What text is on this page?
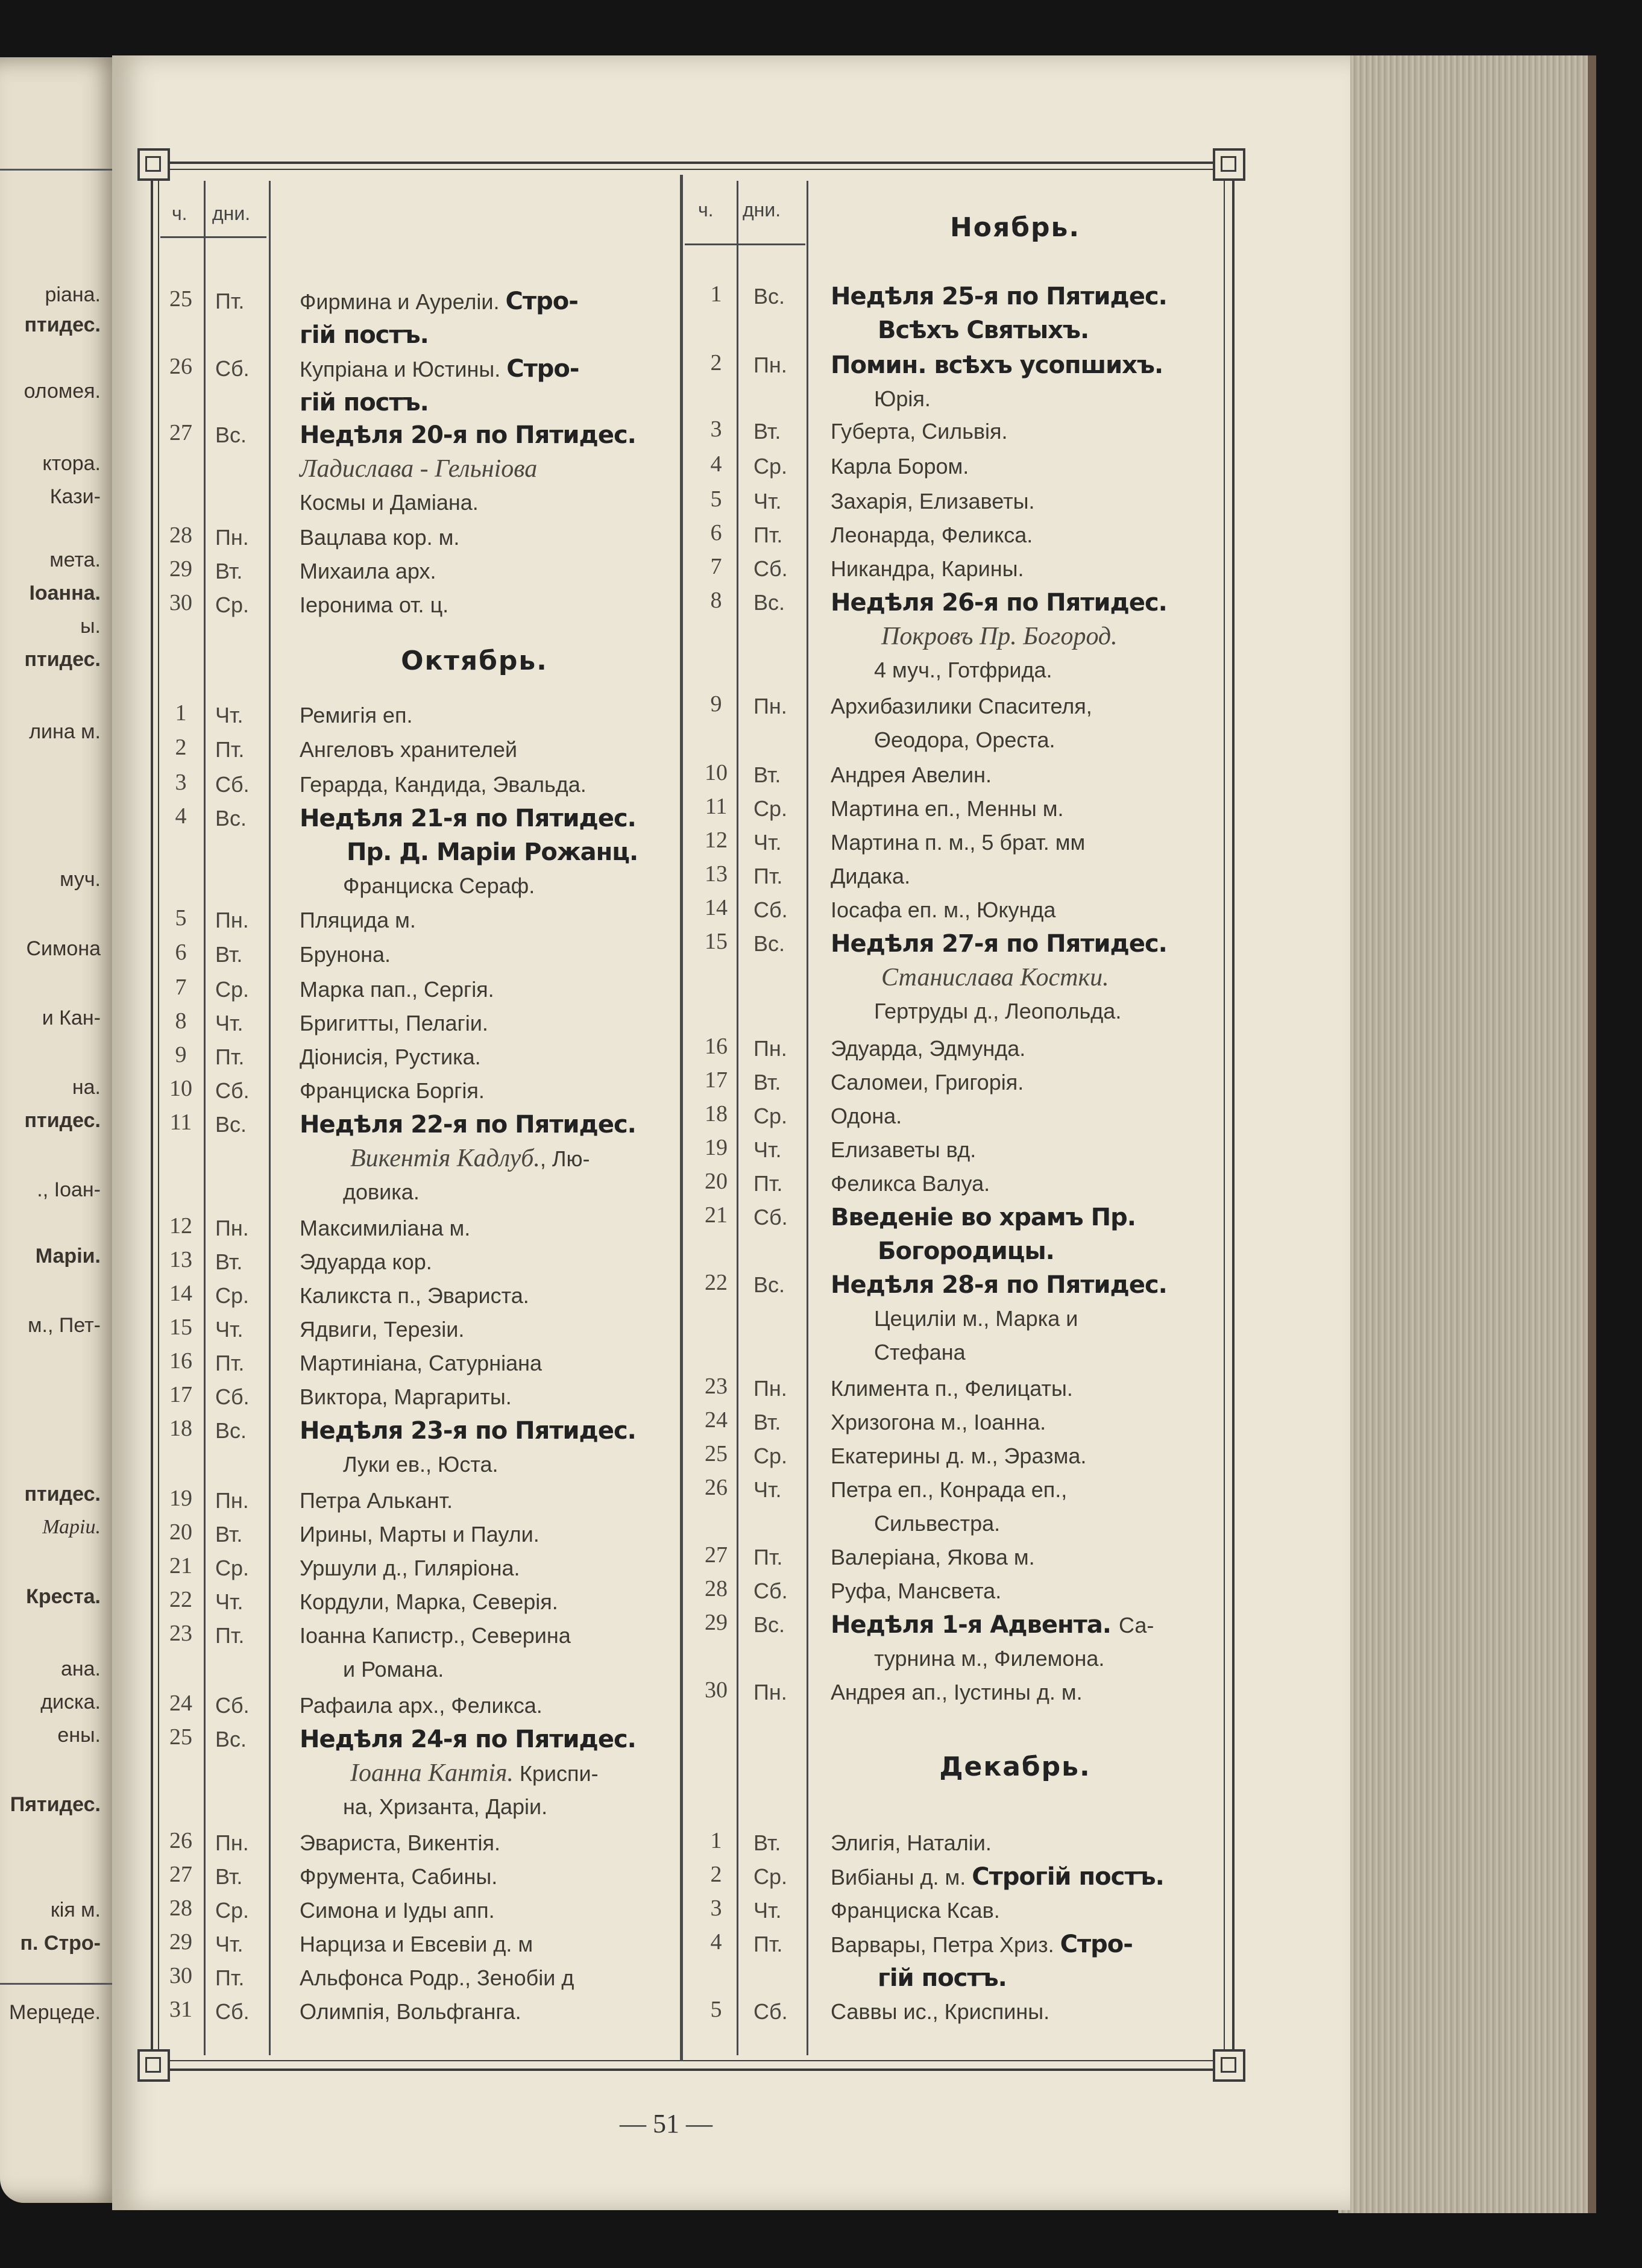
ріана.
птидес.
оломея.
ктора.
Кази-
мета.
Іоанна.
ы.
птидес.
лина м.
муч.
Симона
и Кан-
на.
птидес.
., Іоан-
Маріи.
м., Пет-
птидес.
Маріи.
Креста.
ана.
диска.
ены.
Пятидес.
кія м.
п. Стро-
Мерцеде.
ч. дни.	ч. дни.
25	Пт.	Фирмина и Аурелiи. Стро-
гiй постъ.
26	Сб. Купріана и Юстины. Стро-
гiй постъ.
27	Вс. Недѣля 20-я по Пятидес.
Ладислава - Гельніова
Космы и Даміана.
28	Пн. Вацлава кор. м.
29	Вт.	Михаила арх.
30	Ср. Іеронима от. ц.
1	Чт.	Ремигія еп.
2	Пт.	Ангеловъ хранителей
3	Сб. Герарда, Кандида, Эвальда.
4	Вс. Недѣля 21-я по Пятидес.
  Пр. Д. Маріи Рожанц.
  Франциска Сераф.
5	Пн. Пляцида м.
6	Вт.	Брунона.
7	Ср. Марка пап., Сергія.
8	Чт.	Бригитты, Пелагіи.
9	Пт.	Діонисія, Рустика.
10	Сб. Франциска Боргія.
11	Вс. Недѣля 22-я по Пятидес.
  Викентія Кадлуб., Лю-
  довика.
12	Пн. Максимиліана м.
13	Вт.	Эдуарда кор.
14	Ср. Каликста п., Эвариста.
15	Чт.	Ядвиги, Терезіи.
16	Пт.	Мартиніана, Сатурніана
17	Сб. Виктора, Маргариты.
18	Вс. Недѣля 23-я по Пятидес.
  Луки ев., Юста.
19	Пн. Петра Алькант.
20	Вт.	Ирины, Марты и Паули.
21	Ср. Уршули д., Гиляріона.
22	Чт.	Кордули, Марка, Северія.
23	Пт.	Іоанна Капистр., Северина
  и Романа.
24	Сб. Рафаила арх., Феликса.
25	Вс. Недѣля 24-я по Пятидес.
  Іоанна Кантія. Криспи-
  на, Хризанта, Даріи.
26	Пн. Эвариста, Викентія.
27	Вт.	Фрумента, Сабины.
28	Ср. Симона и Іуды апп.
29	Чт.	Нарциза и Евсевіи д. м
30	Пт.	Альфонса Родр., Зенобіи д
31	Сб. Олимпія, Вольфганга.
Октябрь.
1	Вс. Недѣля 25-я по Пятидес.
  Всѣхъ Святыхъ.
2	Пн. Помин. всѣхъ усопшихъ.
  Юрія.
3	Вт. Губерта, Сильвія.
4	Ср. Карла Бором.
5	Чт. Захарія, Елизаветы.
6	Пт. Леонарда, Феликса.
7	Сб. Никандра, Карины.
8	Вс. Недѣля 26-я по Пятидес.
  Покровъ Пр. Богород.
  4 муч., Готфрида.
9	Пн. Архибазилики Спасителя,
  Θеодора, Ореста.
10	Вт. Андрея Авелин.
11	Ср. Мартина еп., Менны м.
12	Чт. Мартина п. м., 5 брат. мм
13	Пт. Дидака.
14	Сб. Іосафа еп. м., Юкунда
15	Вс. Недѣля 27-я по Пятидес.
  Станислава Костки.
  Гертруды д., Леопольда.
16	Пн. Эдуарда, Эдмунда.
17	Вт. Саломеи, Григорія.
18	Ср. Одона.
19	Чт. Елизаветы вд.
20	Пт. Феликса Валуа.
21	Сб. Введеніе во храмъ Пр.
  Богородицы.
22	Вс. Недѣля 28-я по Пятидес.
  Цециліи м., Марка и
  Стефана
23	Пн. Климента п., Фелицаты.
24	Вт. Хризогона м., Іоанна.
25	Ср. Екатерины д. м., Эразма.
26	Чт. Петра еп., Конрада еп.,
  Сильвестра.
27	Пт. Валеріана, Якова м.
28	Сб. Руфа, Мансвета.
29	Вс. Недѣля 1-я Адвента. Са-
  турнина м., Филемона.
30	Пн. Андрея ап., Іустины д. м.
1	Вт. Элигія, Наталіи.
2	Ср. Вибіаны д. м. Строгій постъ.
3	Чт. Франциска Ксав.
4	Пт. Варвары, Петра Хриз. Стро-
  гій постъ.
5	Сб. Саввы ис., Криспины.
Ноябрь.
Декабрь.
— 51 —
